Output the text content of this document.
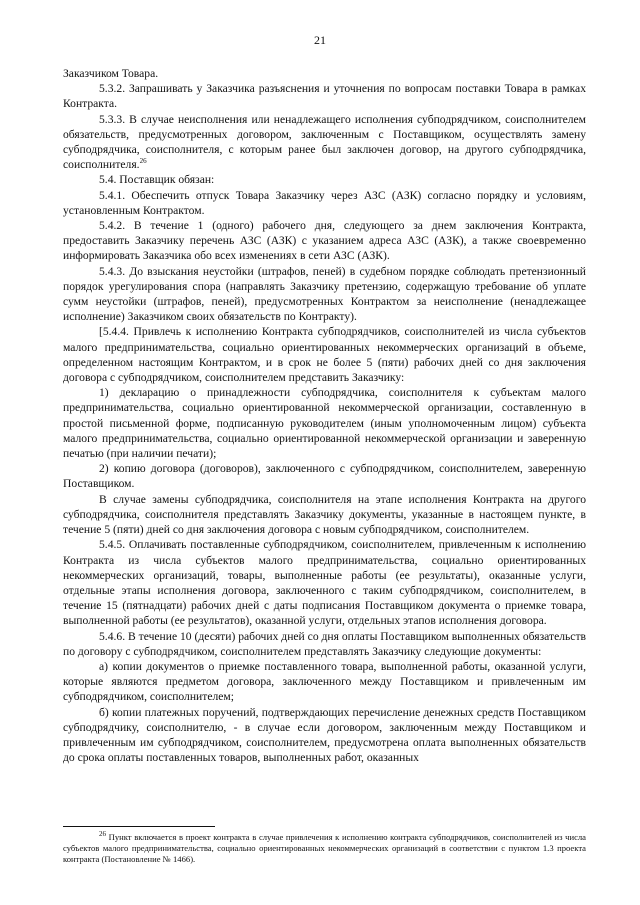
21

Заказчиком Товара.

5.3.2. Запрашивать у Заказчика разъяснения и уточнения по вопросам поставки Товара в рамках Контракта.

5.3.3. В случае неисполнения или ненадлежащего исполнения субподрядчиком, соисполнителем обязательств, предусмотренных договором, заключенным с Поставщиком, осуществлять замену субподрядчика, соисполнителя, с которым ранее был заключен договор, на другого субподрядчика, соисполнителя.$^{26}$

5.4. Поставщик обязан:

5.4.1. Обеспечить отпуск Товара Заказчику через АЗС (АЗК) согласно порядку и условиям, установленным Контрактом.

5.4.2. В течение 1 (одного) рабочего дня, следующего за днем заключения Контракта, предоставить Заказчику перечень АЗС (АЗК) с указанием адреса АЗС (АЗК), а также своевременно информировать Заказчика обо всех изменениях в сети АЗС (АЗК).

5.4.3. До взыскания неустойки (штрафов, пеней) в судебном порядке соблюдать претензионный порядок урегулирования спора (направлять Заказчику претензию, содержащую требование об уплате сумм неустойки (штрафов, пеней), предусмотренных Контрактом за неисполнение (ненадлежащее исполнение) Заказчиком своих обязательств по Контракту).

[5.4.4. Привлечь к исполнению Контракта субподрядчиков, соисполнителей из числа субъектов малого предпринимательства, социально ориентированных некоммерческих организаций в объеме, определенном настоящим Контрактом, и в срок не более 5 (пяти) рабочих дней со дня заключения договора с субподрядчиком, соисполнителем представить Заказчику:

1) декларацию о принадлежности субподрядчика, соисполнителя к субъектам малого предпринимательства, социально ориентированной некоммерческой организации, составленную в простой письменной форме, подписанную руководителем (иным уполномоченным лицом) субъекта малого предпринимательства, социально ориентированной некоммерческой организации и заверенную печатью (при наличии печати);

2) копию договора (договоров), заключенного с субподрядчиком, соисполнителем, заверенную Поставщиком.

В случае замены субподрядчика, соисполнителя на этапе исполнения Контракта на другого субподрядчика, соисполнителя представлять Заказчику документы, указанные в настоящем пункте, в течение 5 (пяти) дней со дня заключения договора с новым субподрядчиком, соисполнителем.

5.4.5. Оплачивать поставленные субподрядчиком, соисполнителем, привлеченным к исполнению Контракта из числа субъектов малого предпринимательства, социально ориентированных некоммерческих организаций, товары, выполненные работы (ее результаты), оказанные услуги, отдельные этапы исполнения договора, заключенного с таким субподрядчиком, соисполнителем, в течение 15 (пятнадцати) рабочих дней с даты подписания Поставщиком документа о приемке товара, выполненной работы (ее результатов), оказанной услуги, отдельных этапов исполнения договора.

5.4.6. В течение 10 (десяти) рабочих дней со дня оплаты Поставщиком выполненных обязательств по договору с субподрядчиком, соисполнителем представлять Заказчику следующие документы:

а) копии документов о приемке поставленного товара, выполненной работы, оказанной услуги, которые являются предметом договора, заключенного между Поставщиком и привлеченным им субподрядчиком, соисполнителем;

б) копии платежных поручений, подтверждающих перечисление денежных средств Поставщиком субподрядчику, соисполнителю, - в случае если договором, заключенным между Поставщиком и привлеченным им субподрядчиком, соисполнителем, предусмотрена оплата выполненных обязательств до срока оплаты поставленных товаров, выполненных работ, оказанных

$^{26}$ Пункт включается в проект контракта в случае привлечения к исполнению контракта субподрядчиков, соисполнителей из числа субъектов малого предпринимательства, социально ориентированных некоммерческих организаций в соответствии с пунктом 1.3 проекта контракта (Постановление № 1466).
